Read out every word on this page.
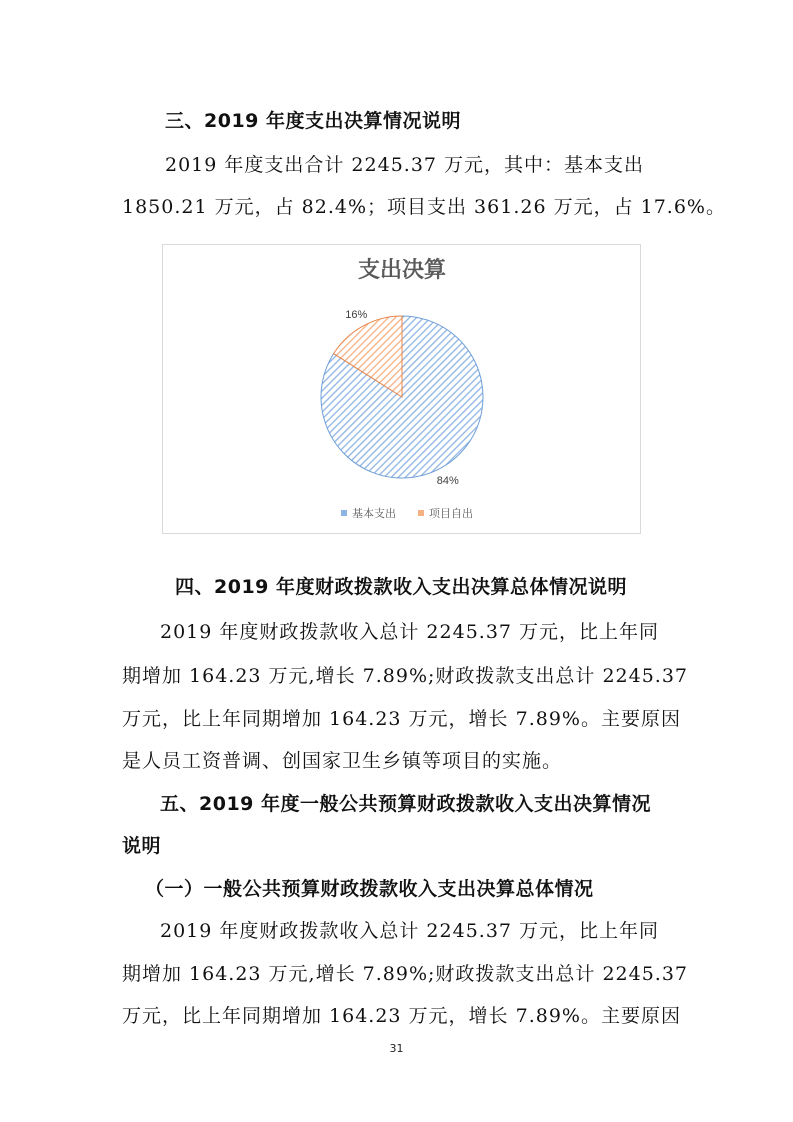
三、2019 年度支出决算情况说明
2019 年度支出合计 2245.37 万元，其中：基本支出
1850.21 万元，占 82.4%；项目支出 361.26 万元，占 17.6%。
支出决算
84%
16%
基本支出	项目自出
四、2019 年度财政拨款收入支出决算总体情况说明
2019 年度财政拨款收入总计 2245.37 万元，比上年同
期增加 164.23 万元,增长 7.89%;财政拨款支出总计 2245.37
万元，比上年同期增加 164.23 万元，增长 7.89%。主要原因
是人员工资普调、创国家卫生乡镇等项目的实施。
五、2019 年度一般公共预算财政拨款收入支出决算情况
说明
（一）一般公共预算财政拨款收入支出决算总体情况
2019 年度财政拨款收入总计 2245.37 万元，比上年同
期增加 164.23 万元,增长 7.89%;财政拨款支出总计 2245.37
万元，比上年同期增加 164.23 万元，增长 7.89%。主要原因
31
